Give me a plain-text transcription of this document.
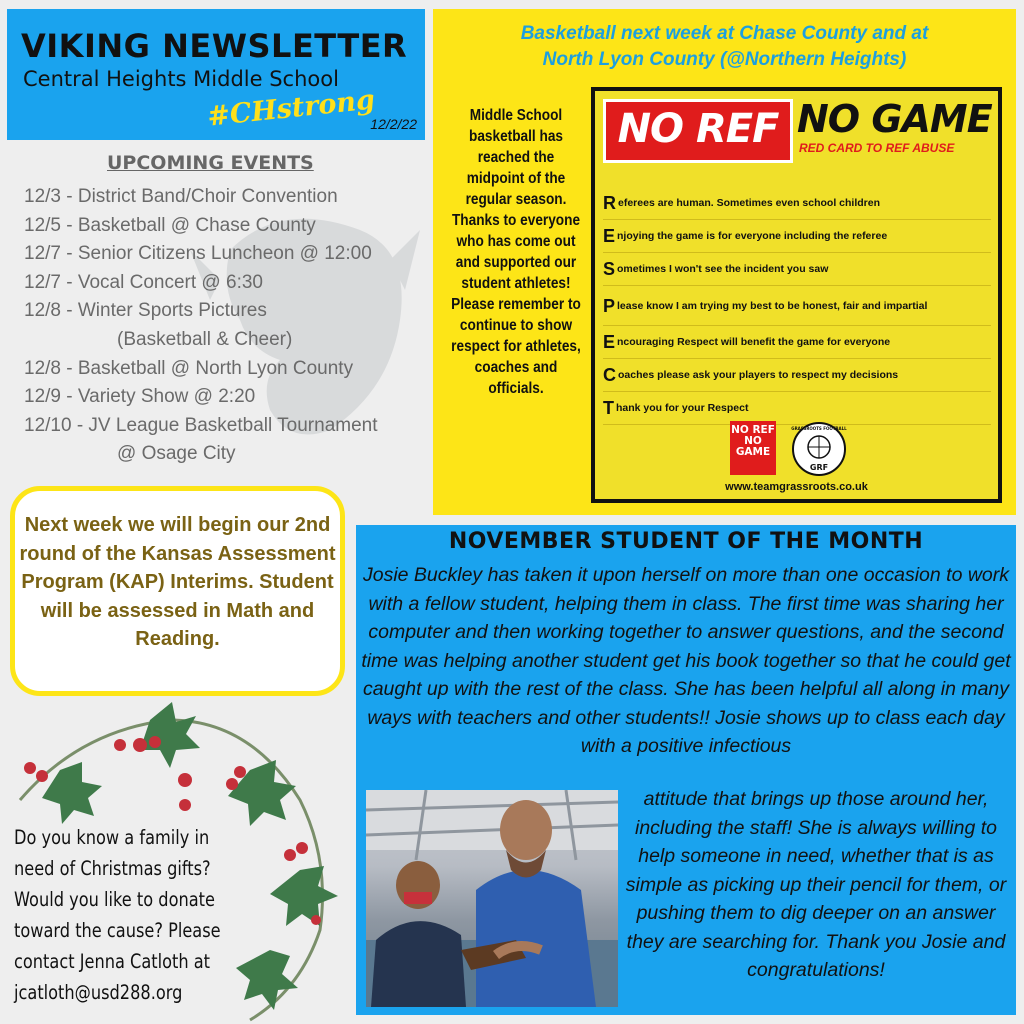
VIKING NEWSLETTER
Central Heights Middle School
#CHstrong
12/2/22
UPCOMING EVENTS
12/3 - District Band/Choir Convention
12/5 - Basketball @ Chase County
12/7 - Senior Citizens Luncheon @ 12:00
12/7 - Vocal Concert @ 6:30
12/8 - Winter Sports Pictures
(Basketball & Cheer)
12/8 - Basketball @ North Lyon County
12/9 - Variety Show @ 2:20
12/10 - JV League Basketball Tournament
@ Osage City
Basketball next week at Chase County and at
North Lyon County (@Northern Heights)
Middle School basketball has reached the midpoint of the regular season. Thanks to everyone who has come out and supported our student athletes! Please remember to continue to show respect for athletes, coaches and officials.
NO REF NO GAME
RED CARD TO REF ABUSE
R eferees are human. Sometimes even school children
E njoying the game is for everyone including the referee
S ometimes I won't see the incident you saw
P lease know I am trying my best to be honest, fair and impartial
E ncouraging Respect will benefit the game for everyone
C oaches please ask your players to respect my decisions
T hank you for your Respect
NO REF NO GAME
GRF
GRASSROOTS FOOTBALL
www.teamgrassroots.co.uk
Next week we will begin our 2nd round of the Kansas Assessment Program (KAP) Interims. Student will be assessed in Math and Reading.
Do you know a family in
need of Christmas gifts?
Would you like to donate
toward the cause? Please
contact Jenna Catloth at
jcatloth@usd288.org
NOVEMBER STUDENT OF THE MONTH
Josie Buckley has taken it upon herself on more than one occasion to work with a fellow student, helping them in class. The first time was sharing her computer and then working together to answer questions, and the second time was helping another student get his book together so that he could get caught up with the rest of the class. She has been helpful all along in many ways with teachers and other students!! Josie shows up to class each day with a positive infectious
attitude that brings up those around her, including the staff! She is always willing to help someone in need, whether that is as simple as picking up their pencil for them, or pushing them to dig deeper on an answer they are searching for. Thank you Josie and congratulations!
